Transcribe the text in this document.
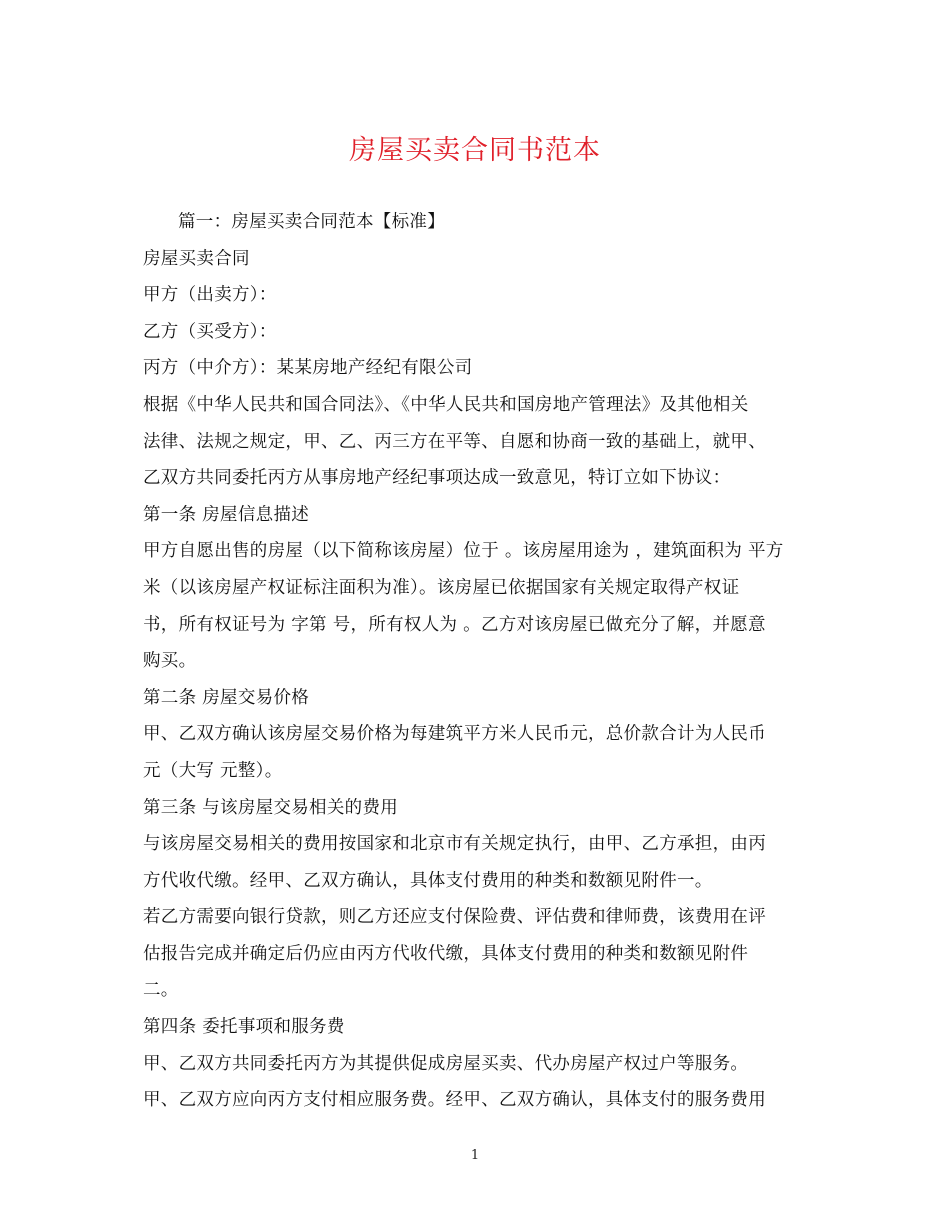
房屋买卖合同书范本
篇一：房屋买卖合同范本【标准】
房屋买卖合同
甲方（出卖方）：
乙方（买受方）：
丙方（中介方）：某某房地产经纪有限公司
根据《中华人民共和国合同法》、《中华人民共和国房地产管理法》及其他相关
法律、法规之规定，甲、乙、丙三方在平等、自愿和协商一致的基础上，就甲、
乙双方共同委托丙方从事房地产经纪事项达成一致意见，特订立如下协议：
第一条 房屋信息描述
甲方自愿出售的房屋（以下简称该房屋）位于 。该房屋用途为 ，建筑面积为 平方
米（以该房屋产权证标注面积为准）。该房屋已依据国家有关规定取得产权证
书，所有权证号为 字第 号，所有权人为 。乙方对该房屋已做充分了解，并愿意
购买。
第二条 房屋交易价格
甲、乙双方确认该房屋交易价格为每建筑平方米人民币元，总价款合计为人民币
元（大写 元整）。
第三条 与该房屋交易相关的费用
与该房屋交易相关的费用按国家和北京市有关规定执行，由甲、乙方承担，由丙
方代收代缴。经甲、乙双方确认，具体支付费用的种类和数额见附件一。
若乙方需要向银行贷款，则乙方还应支付保险费、评估费和律师费，该费用在评
估报告完成并确定后仍应由丙方代收代缴，具体支付费用的种类和数额见附件
二。
第四条 委托事项和服务费
甲、乙双方共同委托丙方为其提供促成房屋买卖、代办房屋产权过户等服务。
甲、乙双方应向丙方支付相应服务费。经甲、乙双方确认，具体支付的服务费用
1
